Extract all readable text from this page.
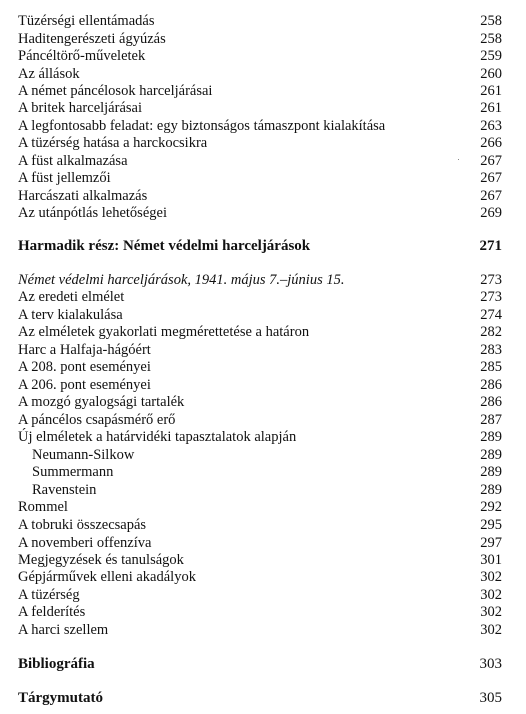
Tüzérségi ellentámadás	258
Haditengerészeti ágyúzás	258
Páncéltörő-műveletek	259
Az állások	260
A német páncélosok harceljárásai	261
A britek harceljárásai	261
A legfontosabb feladat: egy biztonságos támaszpont kialakítása	263
A tüzérség hatása a harckocsikra	266
A füst alkalmazása	267
A füst jellemzői	267
Harcászati alkalmazás	267
Az utánpótlás lehetőségei	269
Harmadik rész: Német védelmi harceljárások	271
Német védelmi harceljárások, 1941. május 7.–június 15.	273
Az eredeti elmélet	273
A terv kialakulása	274
Az elméletek gyakorlati megmérettetése a határon	282
Harc a Halfaja-hágóért	283
A 208. pont eseményei	285
A 206. pont eseményei	286
A mozgó gyalogsági tartalék	286
A páncélos csapásmérő erő	287
Új elméletek a határvidéki tapasztalatok alapján	289
Neumann-Silkow	289
Summermann	289
Ravenstein	289
Rommel	292
A tobruki összecsapás	295
A novemberi offenzíva	297
Megjegyzések és tanulságok	301
Gépjárművek elleni akadályok	302
A tüzérség	302
A felderítés	302
A harci szellem	302
Bibliográfia	303
Tárgymutató	305
